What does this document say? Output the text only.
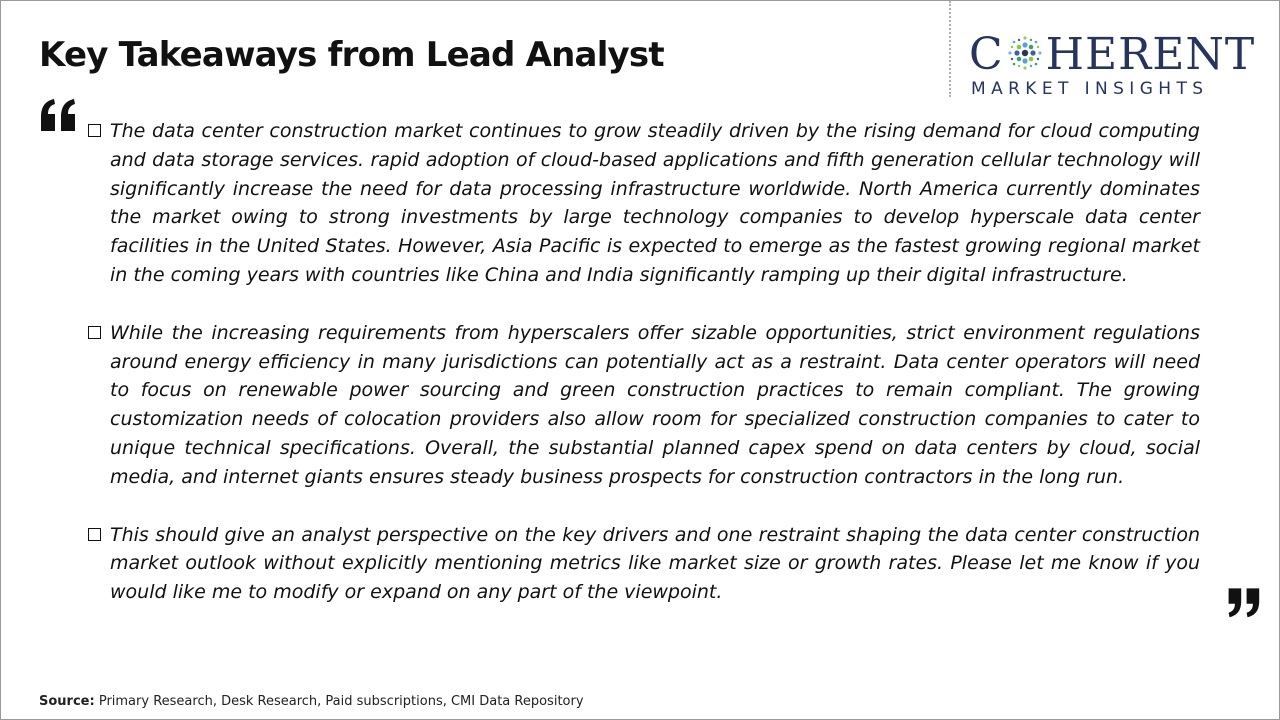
Key Takeaways from Lead Analyst	C HERENT
MARKET INSIGHTS
The data center construction market continues to grow steadily driven by the rising demand for cloud computing and data storage services. rapid adoption of cloud-based applications and fifth generation cellular technology will significantly increase the need for data processing infrastructure worldwide. North America currently dominates the market owing to strong investments by large technology companies to develop hyperscale data center facilities in the United States. However, Asia Pacific is expected to emerge as the fastest growing regional market in the coming years with countries like China and India significantly ramping up their digital infrastructure.
While the increasing requirements from hyperscalers offer sizable opportunities, strict environment regulations around energy efficiency in many jurisdictions can potentially act as a restraint. Data center operators will need to focus on renewable power sourcing and green construction practices to remain compliant. The growing customization needs of colocation providers also allow room for specialized construction companies to cater to unique technical specifications. Overall, the substantial planned capex spend on data centers by cloud, social media, and internet giants ensures steady business prospects for construction contractors in the long run.
This should give an analyst perspective on the key drivers and one restraint shaping the data center construction market outlook without explicitly mentioning metrics like market size or growth rates. Please let me know if you would like me to modify or expand on any part of the viewpoint.
Source: Primary Research, Desk Research, Paid subscriptions, CMI Data Repository
